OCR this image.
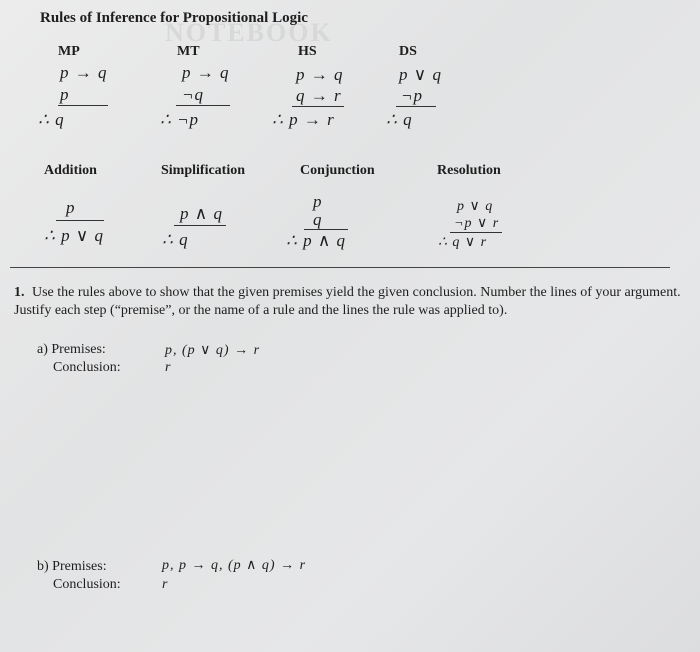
NOTEBOOK
Rules of Inference for Propositional Logic
MP
p → q
p
∴ q
MT
p → q
¬q
∴ ¬p
HS
p → q
q → r
∴ p → r
DS
p ∨ q
¬p
∴ q
Addition
p
∴ p ∨ q
Simplification
p ∧ q
∴ q
Conjunction
p
q
∴ p ∧ q
Resolution
p ∨ q
¬p ∨ r
∴ q ∨ r
1. Use the rules above to show that the given premises yield the given conclusion. Number the lines of your argument. Justify each step (“premise”, or the name of a rule and the lines the rule was applied to).
a) Premises:	p, (p ∨ q) → r
Conclusion:	r
b) Premises:	p, p → q, (p ∧ q) → r
Conclusion:	r
